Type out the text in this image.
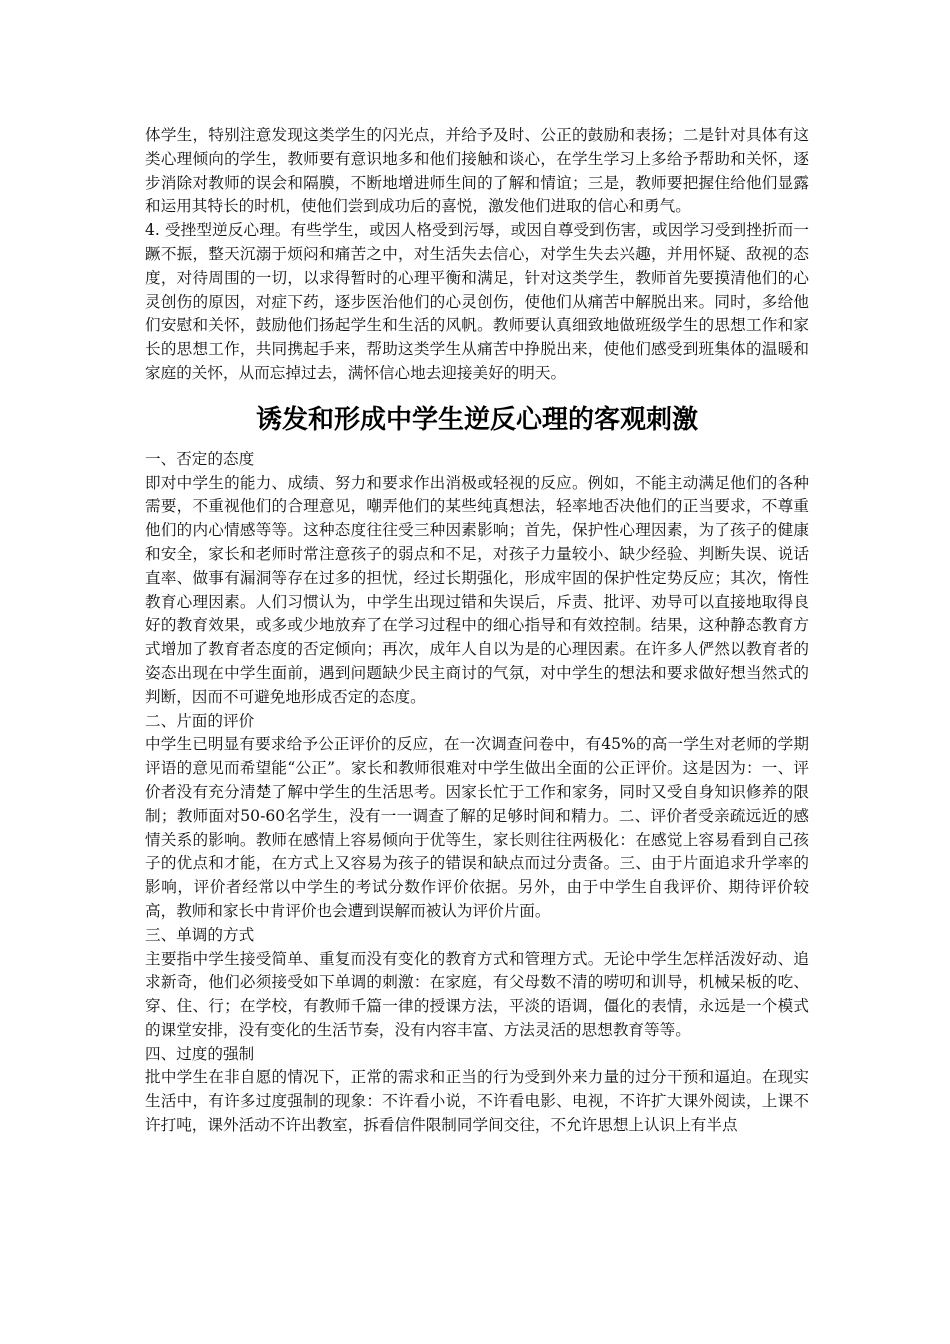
体学生，特别注意发现这类学生的闪光点，并给予及时、公正的鼓励和表扬；二是针对具体有这类心理倾向的学生，教师要有意识地多和他们接触和谈心，在学生学习上多给予帮助和关怀，逐步消除对教师的误会和隔膜，不断地增进师生间的了解和情谊；三是，教师要把握住给他们显露和运用其特长的时机，使他们尝到成功后的喜悦，激发他们进取的信心和勇气。

4. 受挫型逆反心理。有些学生，或因人格受到污辱，或因自尊受到伤害，或因学习受到挫折而一蹶不振，整天沉溺于烦闷和痛苦之中，对生活失去信心，对学生失去兴趣，并用怀疑、敌视的态度，对待周围的一切，以求得暂时的心理平衡和满足，针对这类学生，教师首先要摸清他们的心灵创伤的原因，对症下药，逐步医治他们的心灵创伤，使他们从痛苦中解脱出来。同时，多给他们安慰和关怀，鼓励他们扬起学生和生活的风帆。教师要认真细致地做班级学生的思想工作和家长的思想工作，共同携起手来，帮助这类学生从痛苦中挣脱出来，使他们感受到班集体的温暖和家庭的关怀，从而忘掉过去，满怀信心地去迎接美好的明天。

诱发和形成中学生逆反心理的客观刺激

一、否定的态度

即对中学生的能力、成绩、努力和要求作出消极或轻视的反应。例如，不能主动满足他们的各种需要，不重视他们的合理意见，嘲弄他们的某些纯真想法，轻率地否决他们的正当要求，不尊重他们的内心情感等等。这种态度往往受三种因素影响；首先，保护性心理因素，为了孩子的健康和安全，家长和老师时常注意孩子的弱点和不足，对孩子力量较小、缺少经验、判断失误、说话直率、做事有漏洞等存在过多的担忧，经过长期强化，形成牢固的保护性定势反应；其次，惰性教育心理因素。人们习惯认为，中学生出现过错和失误后，斥责、批评、劝导可以直接地取得良好的教育效果，或多或少地放弃了在学习过程中的细心指导和有效控制。结果，这种静态教育方式增加了教育者态度的否定倾向；再次，成年人自以为是的心理因素。在许多人俨然以教育者的姿态出现在中学生面前，遇到问题缺少民主商讨的气氛，对中学生的想法和要求做好想当然式的判断，因而不可避免地形成否定的态度。

二、片面的评价

中学生已明显有要求给予公正评价的反应，在一次调查问卷中，有45%的高一学生对老师的学期评语的意见而希望能“公正”。家长和教师很难对中学生做出全面的公正评价。这是因为：一、评价者没有充分清楚了解中学生的生活思考。因家长忙于工作和家务，同时又受自身知识修养的限制；教师面对50-60名学生，没有一一调查了解的足够时间和精力。二、评价者受亲疏远近的感情关系的影响。教师在感情上容易倾向于优等生，家长则往往两极化：在感觉上容易看到自己孩子的优点和才能，在方式上又容易为孩子的错误和缺点而过分责备。三、由于片面追求升学率的影响，评价者经常以中学生的考试分数作评价依据。另外，由于中学生自我评价、期待评价较高，教师和家长中肯评价也会遭到误解而被认为评价片面。

三、单调的方式

主要指中学生接受简单、重复而没有变化的教育方式和管理方式。无论中学生怎样活泼好动、追求新奇，他们必须接受如下单调的刺激：在家庭，有父母数不清的唠叨和训导，机械呆板的吃、穿、住、行；在学校，有教师千篇一律的授课方法，平淡的语调，僵化的表情，永远是一个模式的课堂安排，没有变化的生活节奏，没有内容丰富、方法灵活的思想教育等等。

四、过度的强制

批中学生在非自愿的情况下，正常的需求和正当的行为受到外来力量的过分干预和逼迫。在现实生活中，有许多过度强制的现象：不许看小说，不许看电影、电视，不许扩大课外阅读，上课不许打吨，课外活动不许出教室，拆看信件限制同学间交往，不允许思想上认识上有半点
